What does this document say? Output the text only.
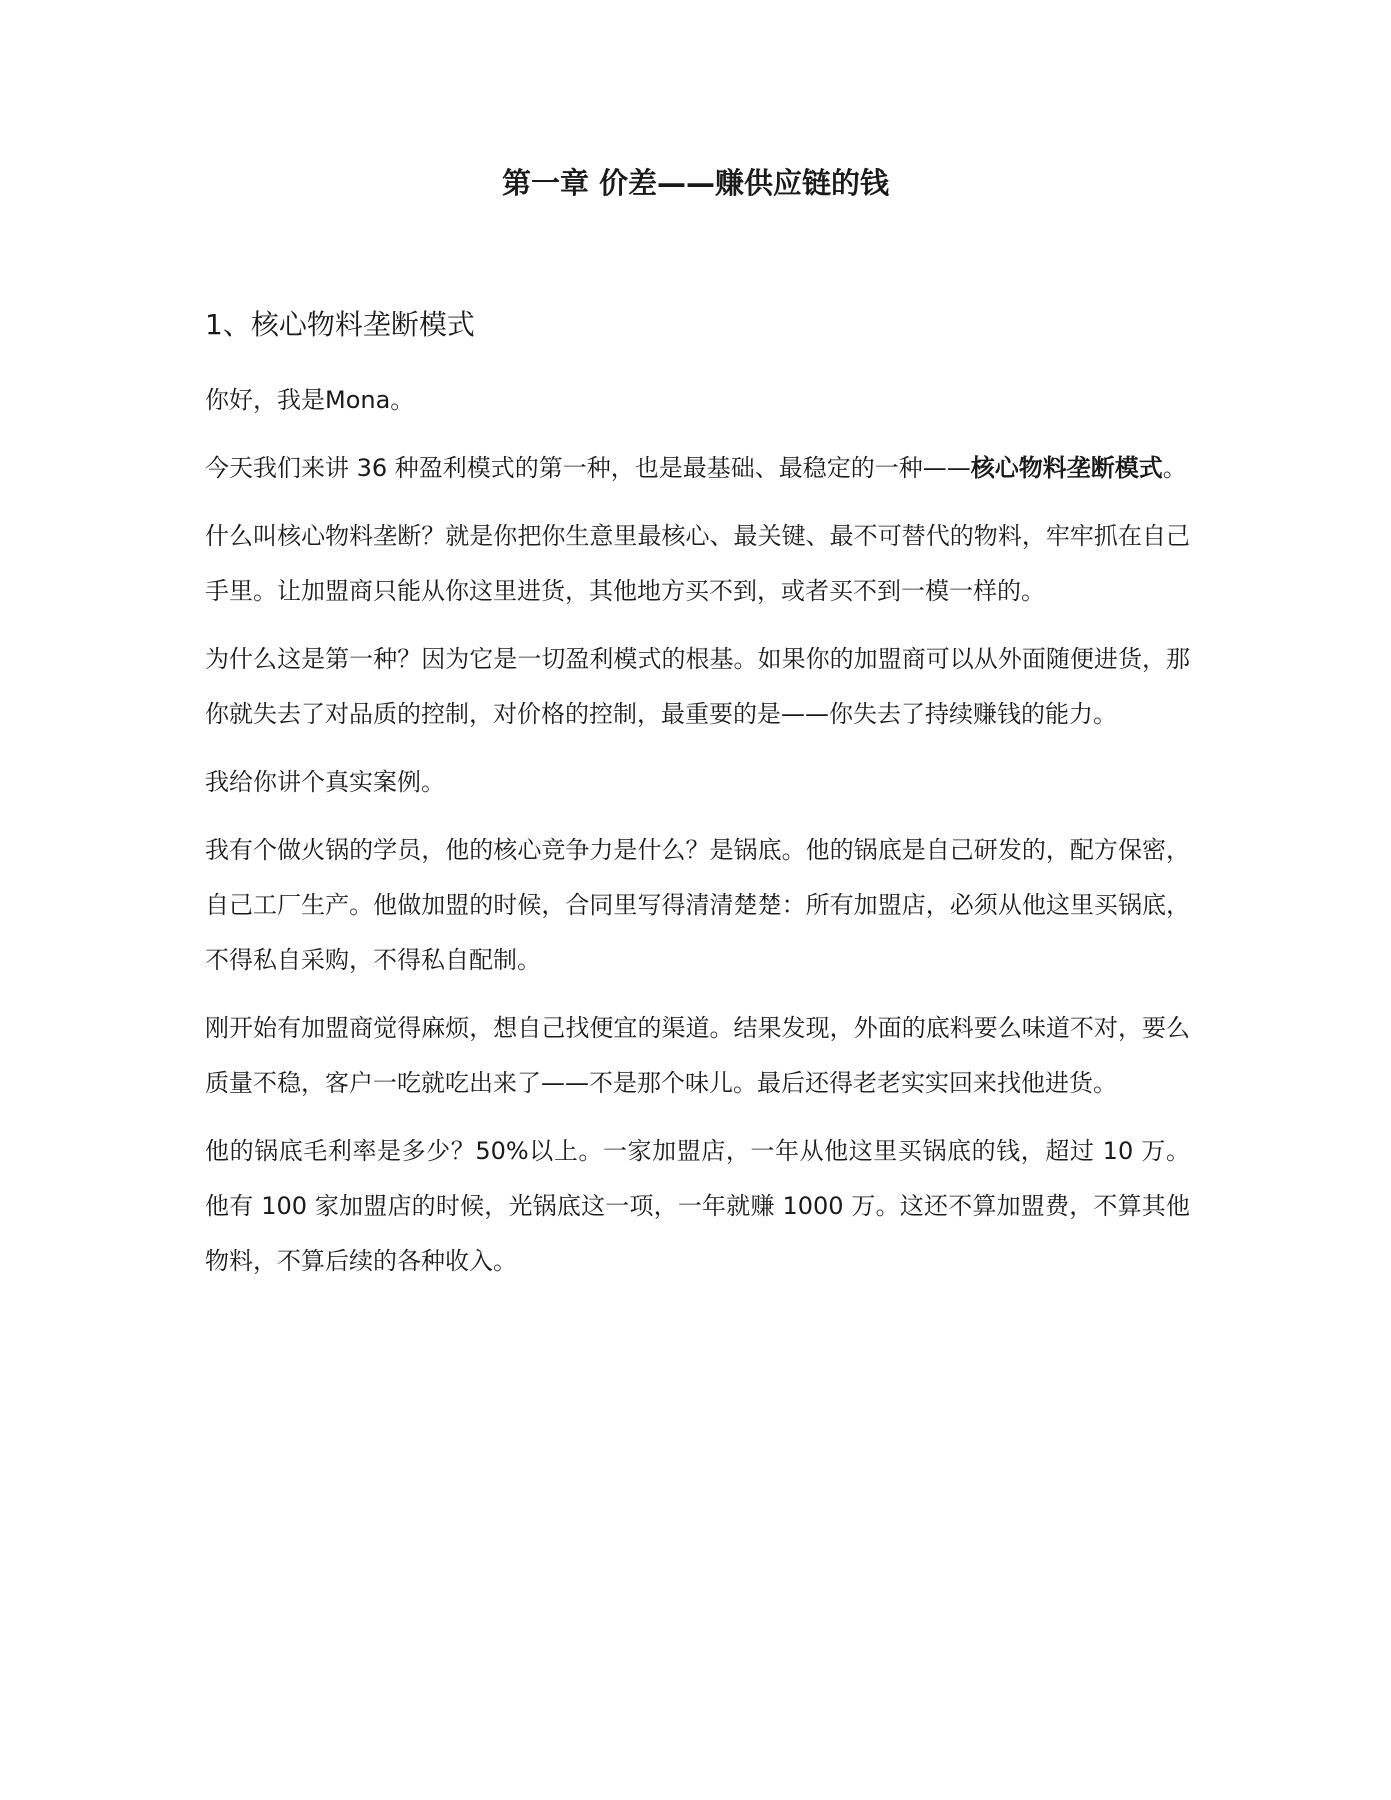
第一章 价差——赚供应链的钱
1、核心物料垄断模式

你好，我是Mona。

今天我们来讲 36 种盈利模式的第一种，也是最基础、最稳定的一种——核心物料垄断模式。

什么叫核心物料垄断？就是你把你生意里最核心、最关键、最不可替代的物料，牢牢抓在自己手里。让加盟商只能从你这里进货，其他地方买不到，或者买不到一模一样的。

为什么这是第一种？因为它是一切盈利模式的根基。如果你的加盟商可以从外面随便进货，那你就失去了对品质的控制，对价格的控制，最重要的是——你失去了持续赚钱的能力。

我给你讲个真实案例。

我有个做火锅的学员，他的核心竞争力是什么？是锅底。他的锅底是自己研发的，配方保密，自己工厂生产。他做加盟的时候，合同里写得清清楚楚：所有加盟店，必须从他这里买锅底，不得私自采购，不得私自配制。

刚开始有加盟商觉得麻烦，想自己找便宜的渠道。结果发现，外面的底料要么味道不对，要么质量不稳，客户一吃就吃出来了——不是那个味儿。最后还得老老实实回来找他进货。

他的锅底毛利率是多少？50%以上。一家加盟店，一年从他这里买锅底的钱，超过 10 万。他有 100 家加盟店的时候，光锅底这一项，一年就赚 1000 万。这还不算加盟费，不算其他物料，不算后续的各种收入。
